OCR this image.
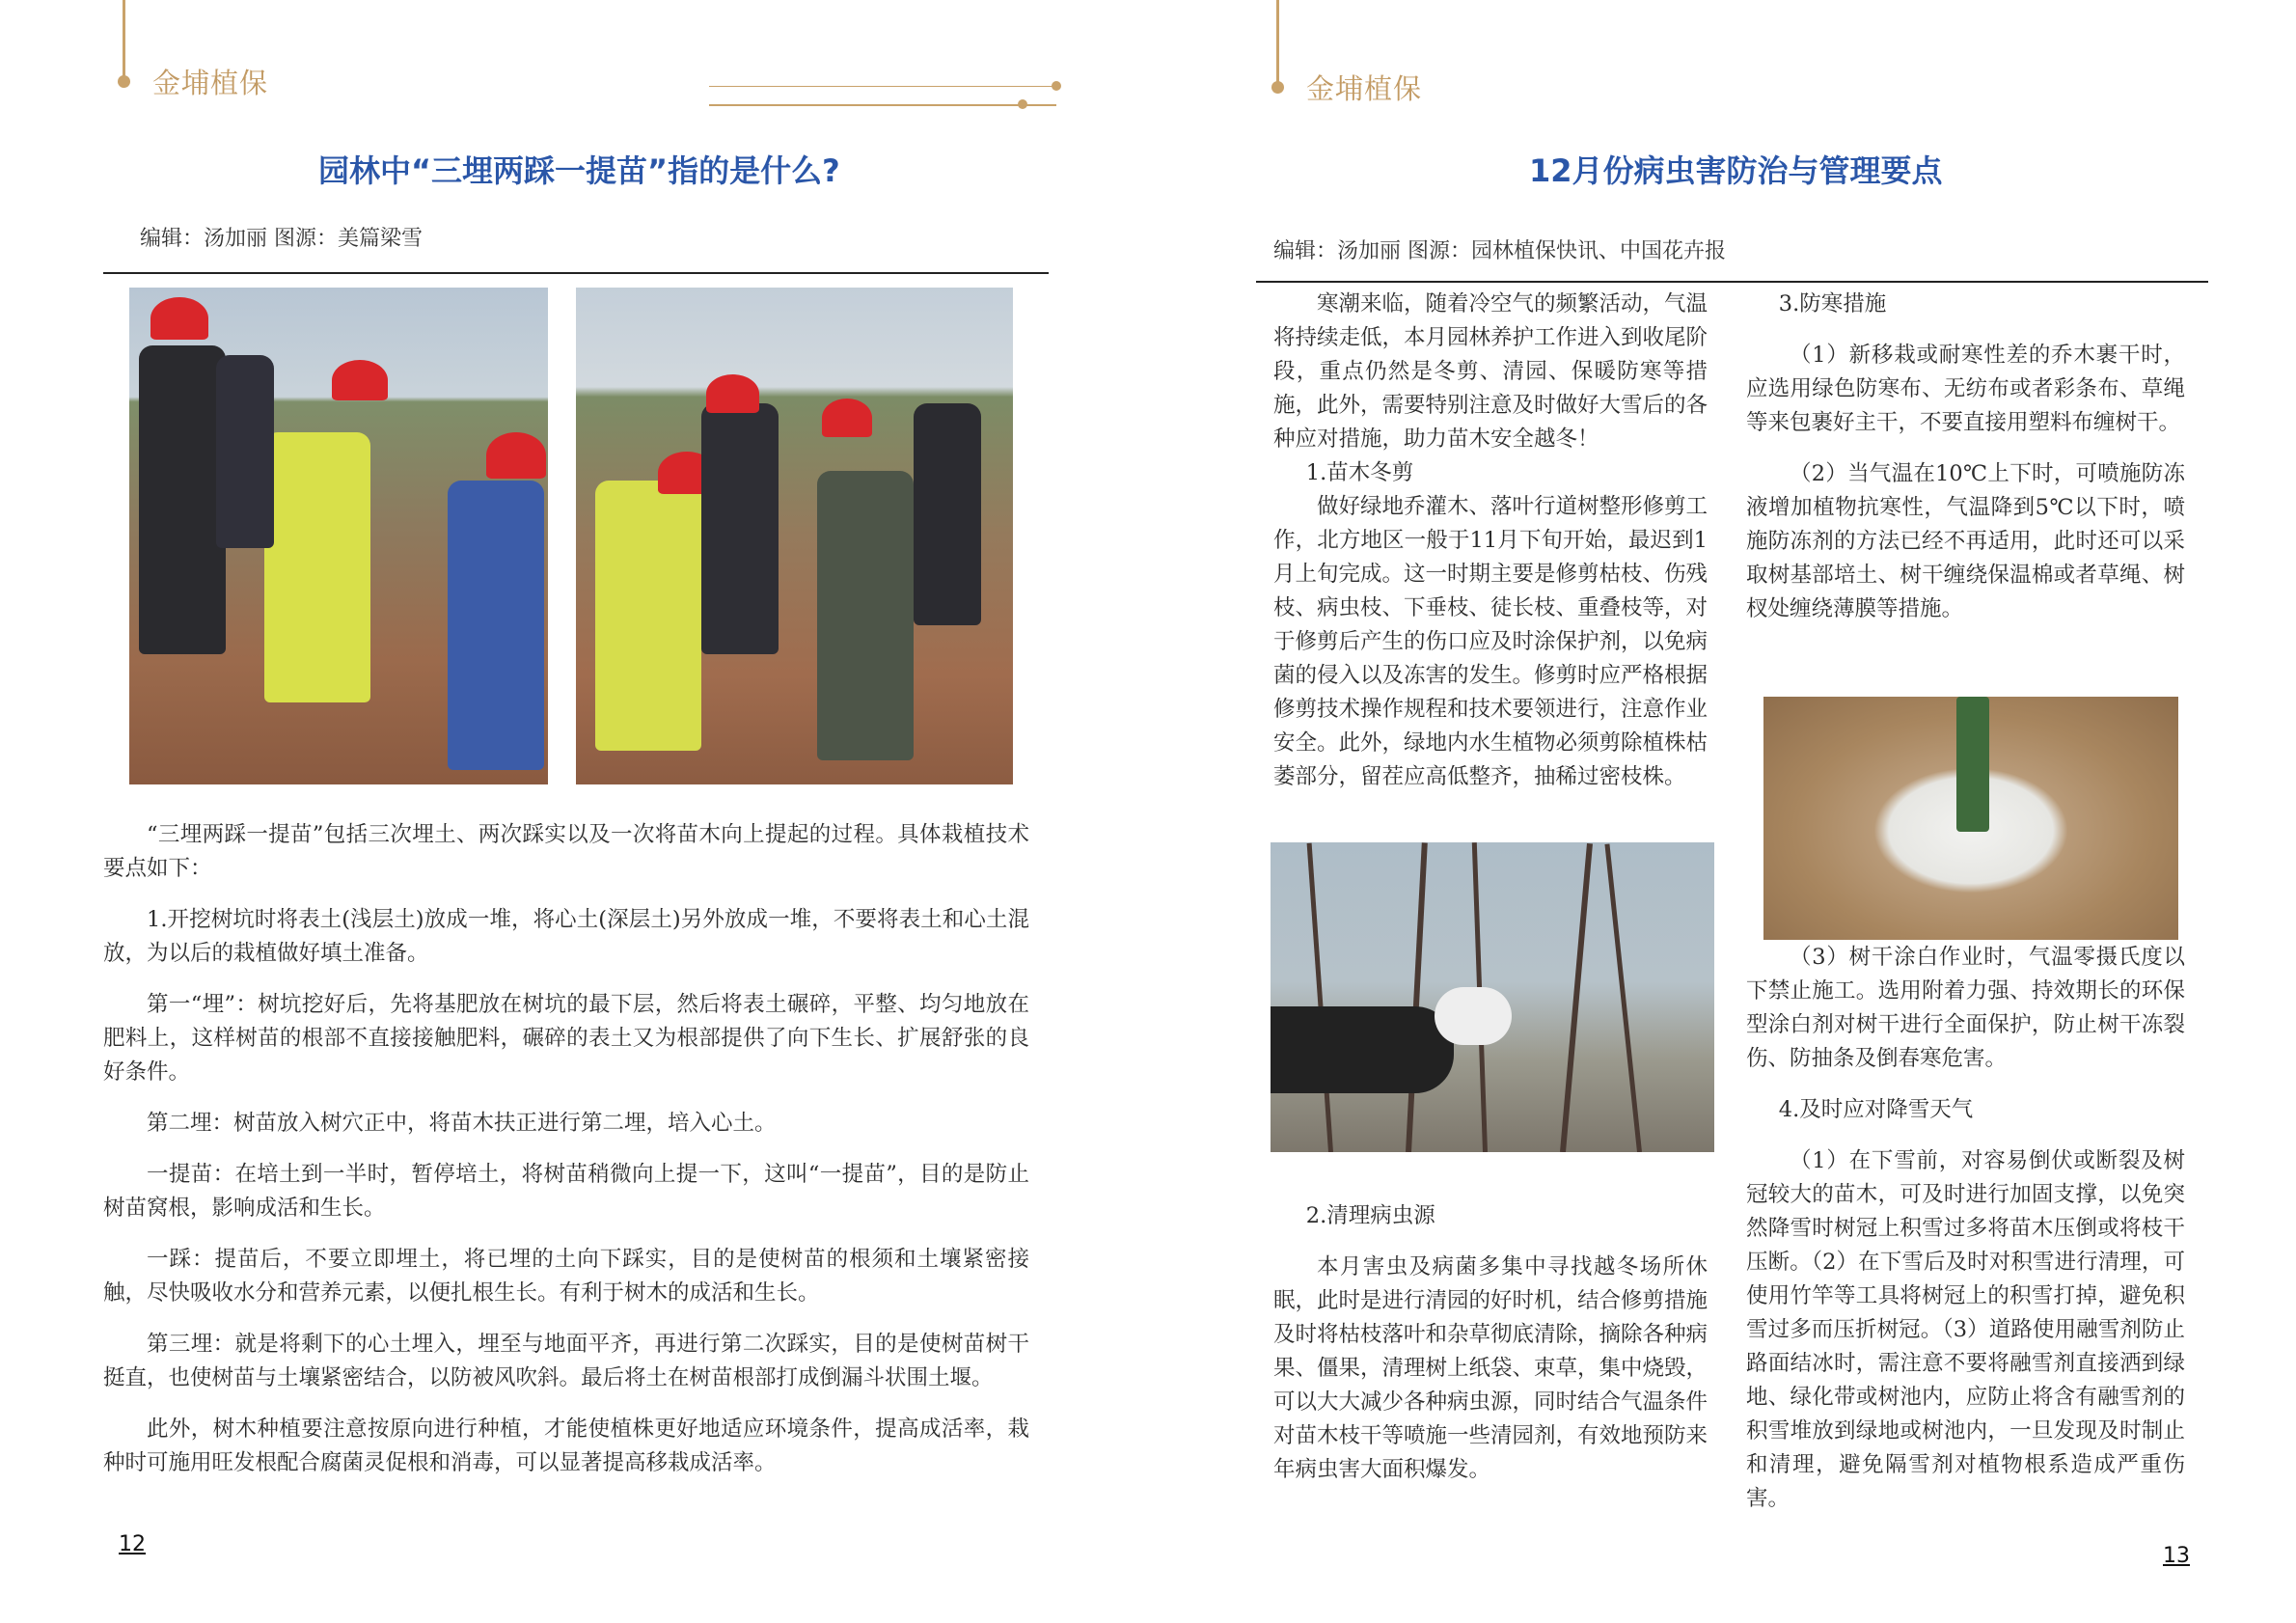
金埔植保
园林中“三埋两踩一提苗”指的是什么?
编辑：汤加丽 图源：美篇梁雪

“三埋两踩一提苗”包括三次埋土、两次踩实以及一次将苗木向上提起的过程。具体栽植技术要点如下：

1.开挖树坑时将表土(浅层土)放成一堆，将心土(深层土)另外放成一堆，不要将表土和心土混放，为以后的栽植做好填土准备。

第一“埋”：树坑挖好后，先将基肥放在树坑的最下层，然后将表土碾碎，平整、均匀地放在肥料上，这样树苗的根部不直接接触肥料，碾碎的表土又为根部提供了向下生长、扩展舒张的良好条件。

第二埋：树苗放入树穴正中，将苗木扶正进行第二埋，培入心土。

一提苗：在培土到一半时，暂停培土，将树苗稍微向上提一下，这叫“一提苗”，目的是防止树苗窝根，影响成活和生长。

一踩：提苗后，不要立即埋土，将已埋的土向下踩实，目的是使树苗的根须和土壤紧密接触，尽快吸收水分和营养元素，以便扎根生长。有利于树木的成活和生长。

第三埋：就是将剩下的心土埋入，埋至与地面平齐，再进行第二次踩实，目的是使树苗树干挺直，也使树苗与土壤紧密结合，以防被风吹斜。最后将土在树苗根部打成倒漏斗状围土堰。

此外，树木种植要注意按原向进行种植，才能使植株更好地适应环境条件，提高成活率，栽种时可施用旺发根配合腐菌灵促根和消毒，可以显著提高移栽成活率。

12
金埔植保
12月份病虫害防治与管理要点
编辑：汤加丽 图源：园林植保快讯、中国花卉报

寒潮来临，随着冷空气的频繁活动，气温将持续走低，本月园林养护工作进入到收尾阶段，重点仍然是冬剪、清园、保暖防寒等措施，此外，需要特别注意及时做好大雪后的各种应对措施，助力苗木安全越冬！

1.苗木冬剪

做好绿地乔灌木、落叶行道树整形修剪工作，北方地区一般于11月下旬开始，最迟到1月上旬完成。这一时期主要是修剪枯枝、伤残枝、病虫枝、下垂枝、徒长枝、重叠枝等，对于修剪后产生的伤口应及时涂保护剂，以免病菌的侵入以及冻害的发生。修剪时应严格根据修剪技术操作规程和技术要领进行，注意作业安全。此外，绿地内水生植物必须剪除植株枯萎部分，留茬应高低整齐，抽稀过密枝株。

2.清理病虫源

本月害虫及病菌多集中寻找越冬场所休眠，此时是进行清园的好时机，结合修剪措施及时将枯枝落叶和杂草彻底清除，摘除各种病果、僵果，清理树上纸袋、束草，集中烧毁，可以大大减少各种病虫源，同时结合气温条件对苗木枝干等喷施一些清园剂，有效地预防来年病虫害大面积爆发。

3.防寒措施

（1）新移栽或耐寒性差的乔木裹干时，应选用绿色防寒布、无纺布或者彩条布、草绳等来包裹好主干，不要直接用塑料布缠树干。

（2）当气温在10℃上下时，可喷施防冻液增加植物抗寒性，气温降到5℃以下时，喷施防冻剂的方法已经不再适用，此时还可以采取树基部培土、树干缠绕保温棉或者草绳、树杈处缠绕薄膜等措施。

（3）树干涂白作业时，气温零摄氏度以下禁止施工。选用附着力强、持效期长的环保型涂白剂对树干进行全面保护，防止树干冻裂伤、防抽条及倒春寒危害。

4.及时应对降雪天气

（1）在下雪前，对容易倒伏或断裂及树冠较大的苗木，可及时进行加固支撑，以免突然降雪时树冠上积雪过多将苗木压倒或将枝干压断。（2）在下雪后及时对积雪进行清理，可使用竹竿等工具将树冠上的积雪打掉，避免积雪过多而压折树冠。（3）道路使用融雪剂防止路面结冰时，需注意不要将融雪剂直接洒到绿地、绿化带或树池内，应防止将含有融雪剂的积雪堆放到绿地或树池内，一旦发现及时制止和清理，避免隔雪剂对植物根系造成严重伤害。

13
